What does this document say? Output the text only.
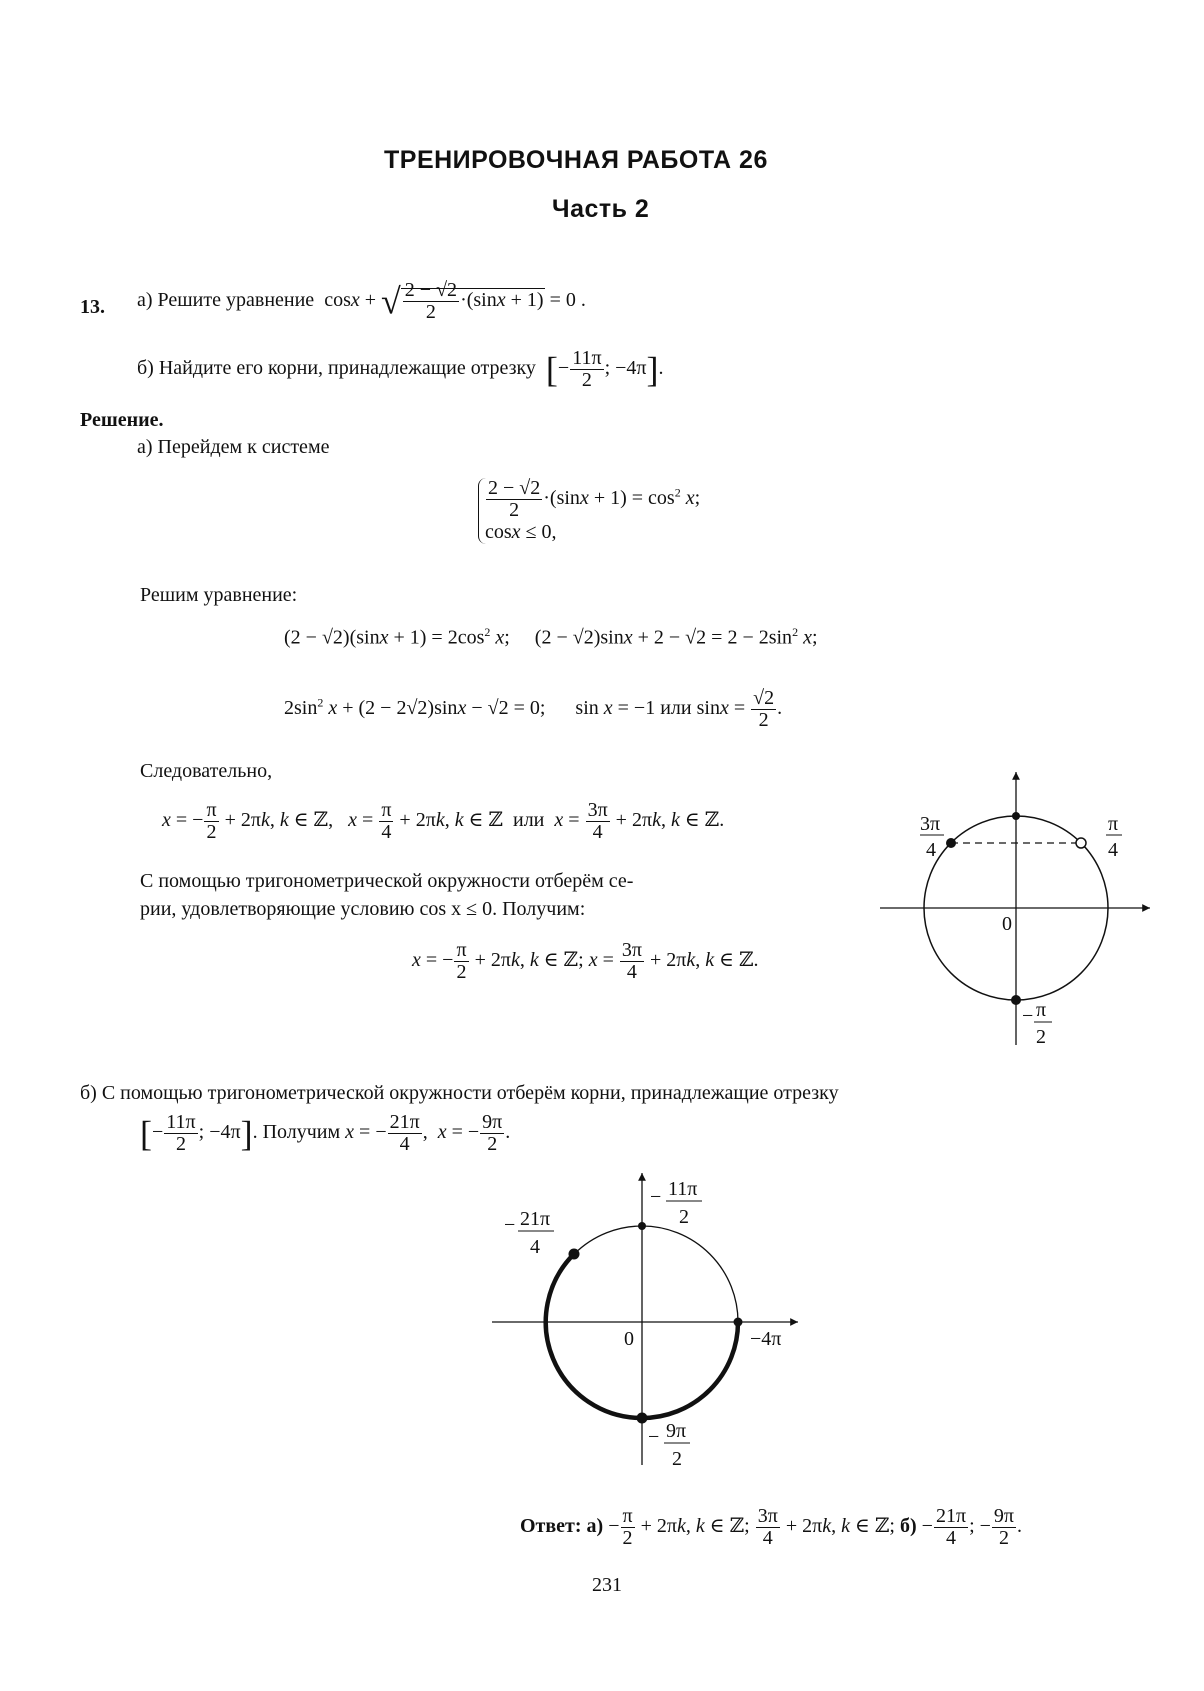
ТРЕНИРОВОЧНАЯ РАБОТА 26
Часть 2
13. а) Решите уравнение  cosx + √ $\frac{2 - √2}{2} \cdot(\sin x + 1) = 0$ .
б) Найдите его корни, принадлежащие отрезку [− $\frac{11\pi}{2}$ ; −4π].
Решение.
а) Перейдем к системе
$\frac{2 - √2}{2} \cdot(\sin x + 1) = \cos^2 x$;
cosx ≤ 0,
Решим уравнение:
$(2 - √2)(\sin x + 1) = 2\cos^2$ x;     $(2 - √2)\sin x + 2 - √2 = 2 - 2\sin^2$ x;
$2\sin^2$ x + (2 − 2√2)sinx − √2 = 0;      sin x = −1 или $\sin x = \frac{√2}{2}$ .
Следовательно,
x = − $\frac{\pi}{2} + 2\pi k$, k ∈ ℤ,   $x = \frac{\pi}{4} + 2\pi k$, k ∈ ℤ  или  $x = \frac{3\pi}{4} + 2\pi k$, k ∈ ℤ.
С помощью тригонометрической окружности отберём се-
рии, удовлетворяющие условию cos x ≤ 0. Получим:
x = − $\frac{\pi}{2} + 2\pi k$, k ∈ ℤ; $x = \frac{3\pi}{4} + 2\pi k$, k ∈ ℤ.
3π
4
π
4
0
− π
2
б) С помощью тригонометрической окружности отберём корни, принадлежащие отрезку
[− $\frac{11\pi}{2}$ ; −4π]. Получим x = − $\frac{21\pi}{4}$ ,  x = − $\frac{9\pi}{2}$ .
− 11π
2
− 21π
4
0	−4π
− 9π
2
Ответ: $а) - \frac{\pi}{2} + 2\pi k$, k ∈ ℤ; $\frac{3\pi}{4} + 2\pi k$, k ∈ ℤ; $б) - \frac{21\pi}{4}$ ; − $\frac{9\pi}{2}$ .
231
